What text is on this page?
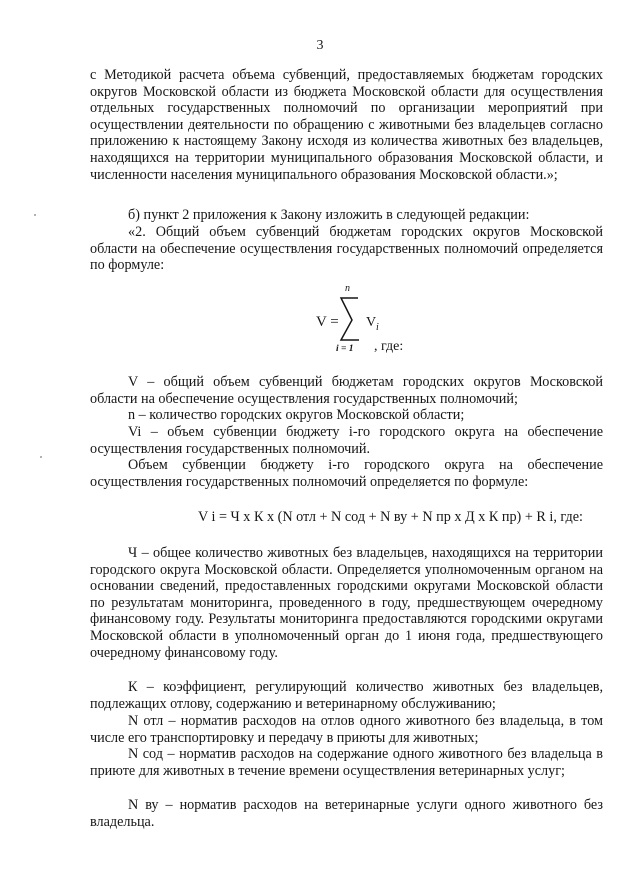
3

с Методикой расчета объема субвенций, предоставляемых бюджетам городских округов Московской области из бюджета Московской области для осуществления отдельных государственных полномочий по организации мероприятий при осуществлении деятельности по обращению с животными без владельцев согласно приложению к настоящему Закону исходя из количества животных без владельцев, находящихся на территории муниципального образования Московской области, и численности населения муниципального образования Московской области.»;

б) пункт 2 приложения к Закону изложить в следующей редакции:

«2. Общий объем субвенций бюджетам городских округов Московской области на обеспечение осуществления государственных полномочий определяется по формуле:

V =
n
i = 1
V i
, где:

V – общий объем субвенций бюджетам городских округов Московской области на обеспечение осуществления государственных полномочий;

n – количество городских округов Московской области;

Vi – объем субвенции бюджету i-го городского округа на обеспечение осуществления государственных полномочий.

Объем субвенции бюджету i-го городского округа на обеспечение осуществления государственных полномочий определяется по формуле:

V i = Ч х К х (N отл + N сод + N ву + N пр х Д х К пр) + R i, где:

Ч – общее количество животных без владельцев, находящихся на территории городского округа Московской области. Определяется уполномоченным органом на основании сведений, предоставленных городскими округами Московской области по результатам мониторинга, проведенного в году, предшествующем очередному финансовому году. Результаты мониторинга предоставляются городскими округами Московской области в уполномоченный орган до 1 июня года, предшествующего очередному финансовому году.

К – коэффициент, регулирующий количество животных без владельцев, подлежащих отлову, содержанию и ветеринарному обслуживанию;

N отл – норматив расходов на отлов одного животного без владельца, в том числе его транспортировку и передачу в приюты для животных;

N сод – норматив расходов на содержание одного животного без владельца в приюте для животных в течение времени осуществления ветеринарных услуг;

N ву – норматив расходов на ветеринарные услуги одного животного без владельца.
